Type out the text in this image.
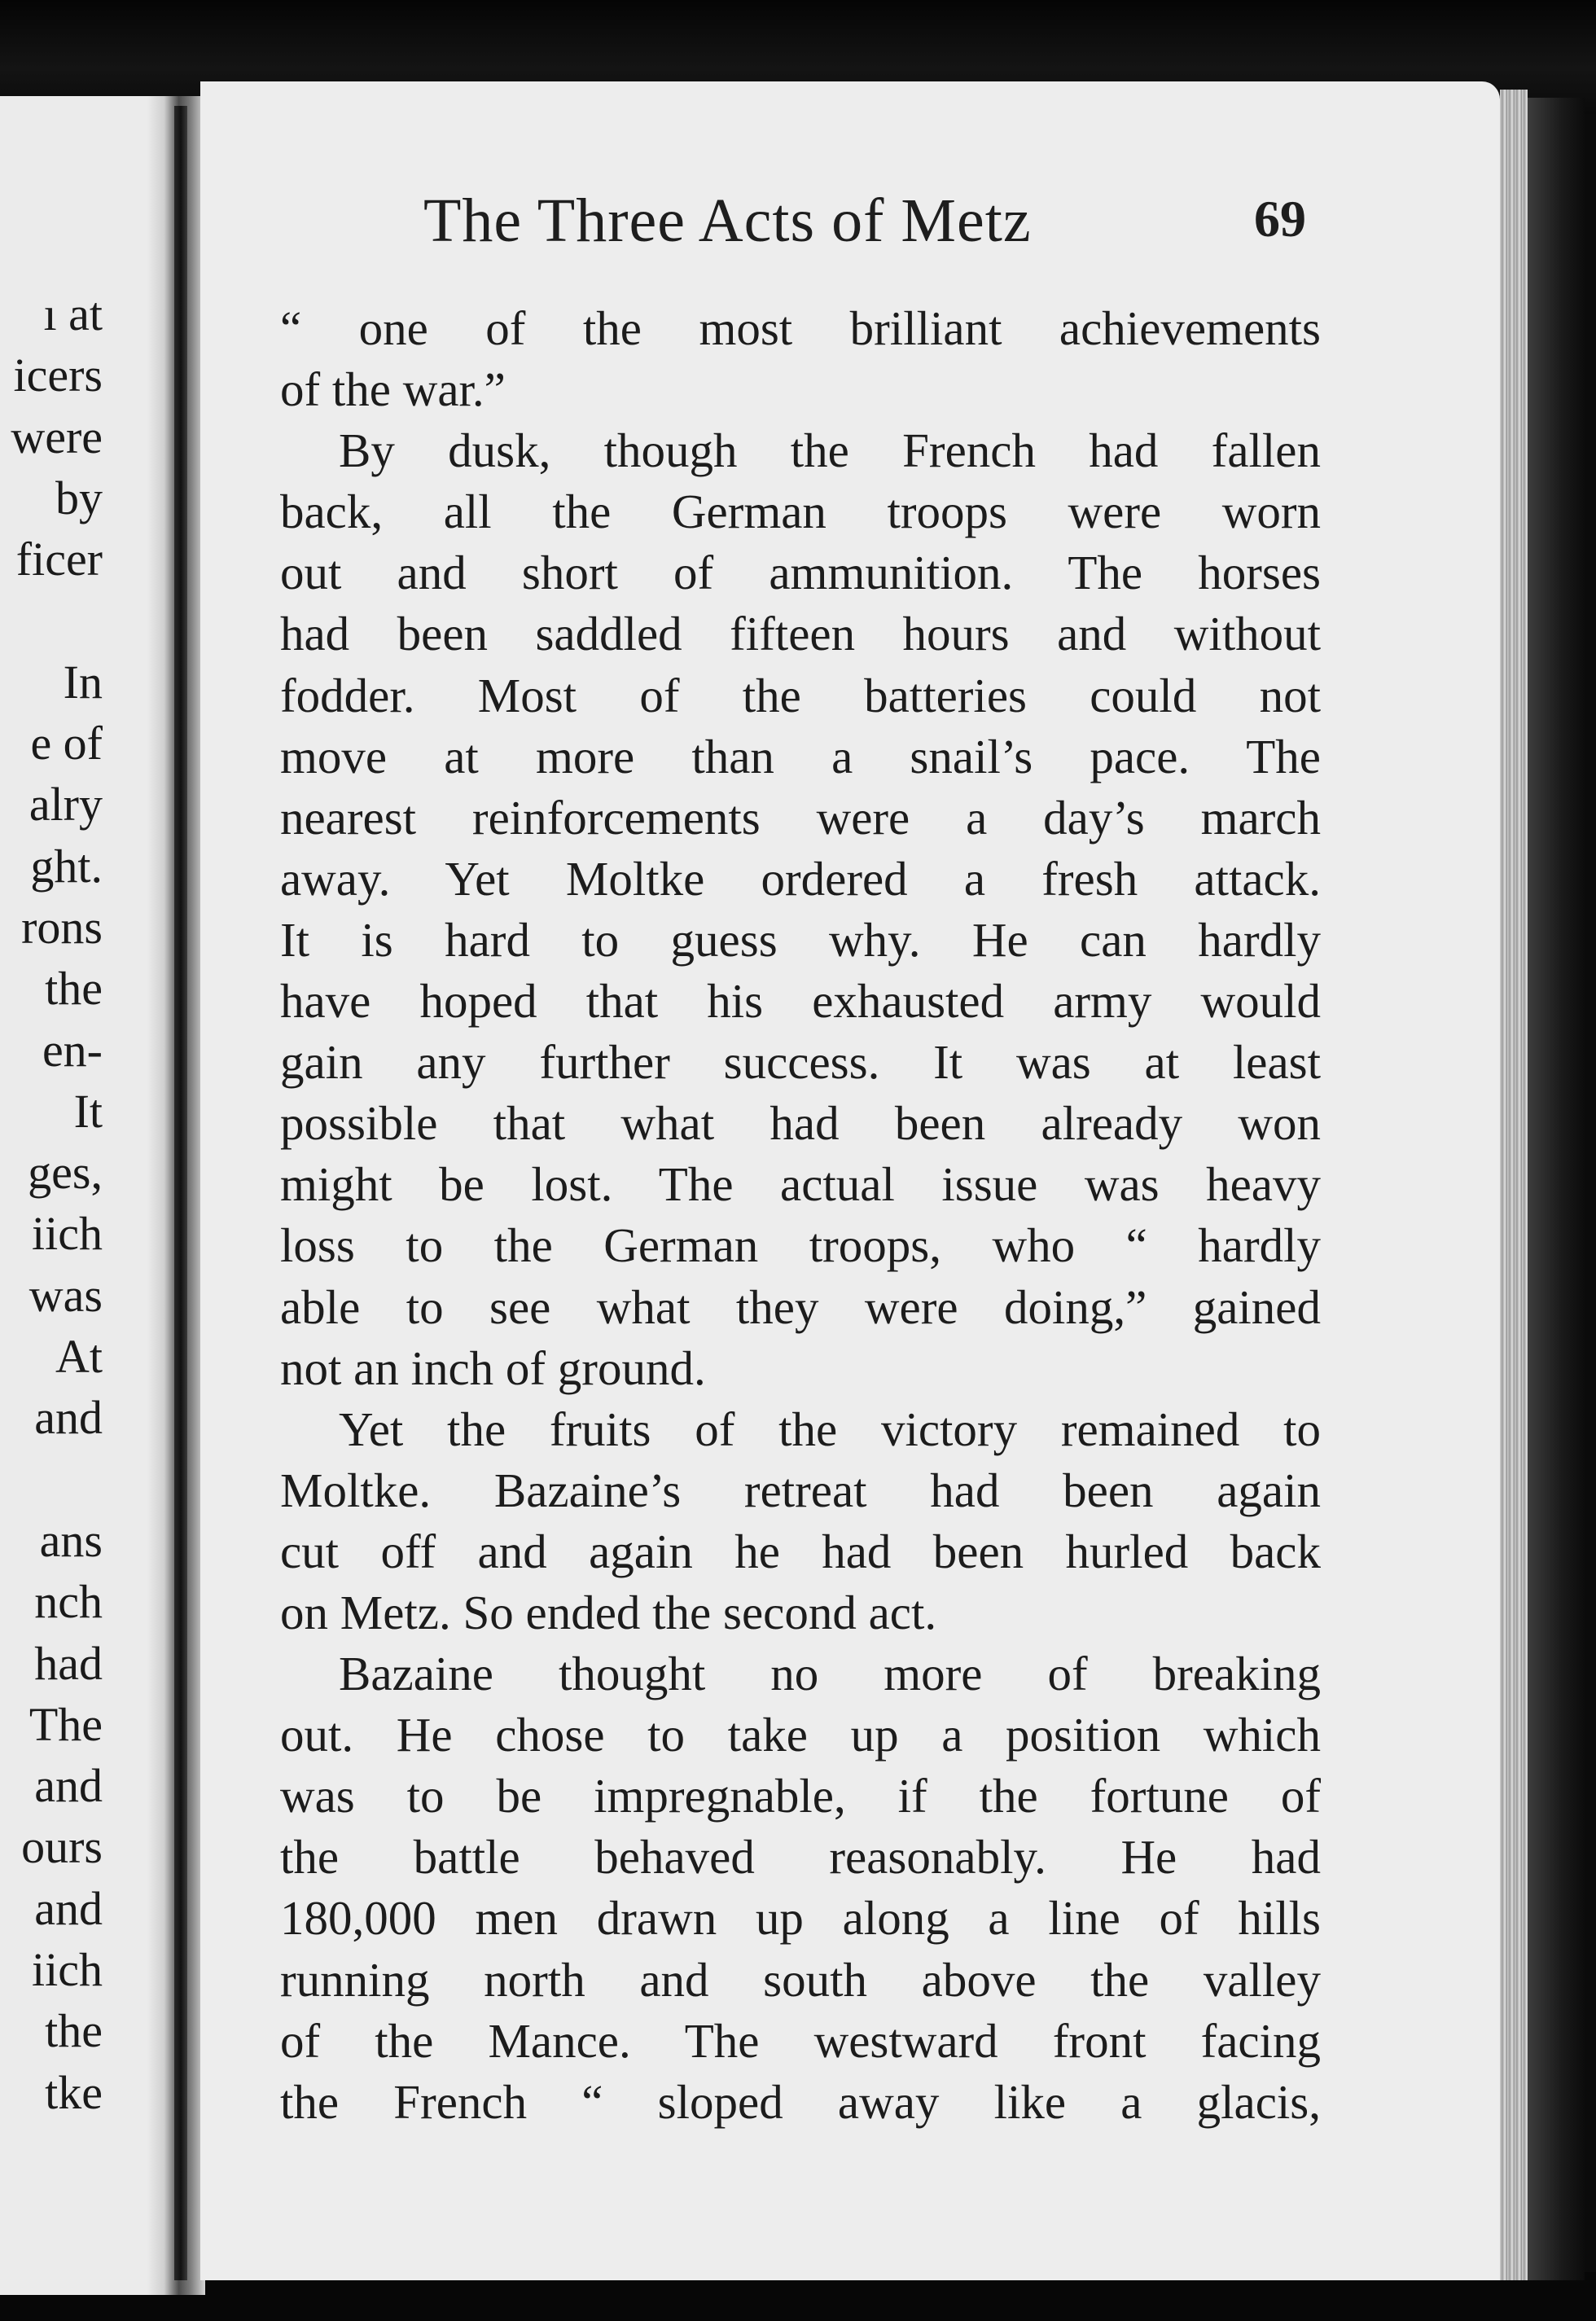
ı at
icers
were
by
ficer
In
e of
alry
ght.
rons
the
en-
It
ges,
iich
was
At
and
ans
nch
had
The
and
ours
and
iich
the
tke
The Three Acts of Metz	69
“ one of the most brilliant achievements
of the war.”
By dusk, though the French had fallen
back, all the German troops were worn
out and short of ammunition. The horses
had been saddled fifteen hours and without
fodder. Most of the batteries could not
move at more than a snail’s pace. The
nearest reinforcements were a day’s march
away. Yet Moltke ordered a fresh attack.
It is hard to guess why. He can hardly
have hoped that his exhausted army would
gain any further success. It was at least
possible that what had been already won
might be lost. The actual issue was heavy
loss to the German troops, who “ hardly
able to see what they were doing,” gained
not an inch of ground.
Yet the fruits of the victory remained to
Moltke. Bazaine’s retreat had been again
cut off and again he had been hurled back
on Metz. So ended the second act.
Bazaine thought no more of breaking
out. He chose to take up a position which
was to be impregnable, if the fortune of
the battle behaved reasonably. He had
180,000 men drawn up along a line of hills
running north and south above the valley
of the Mance. The westward front facing
the French “ sloped away like a glacis,
